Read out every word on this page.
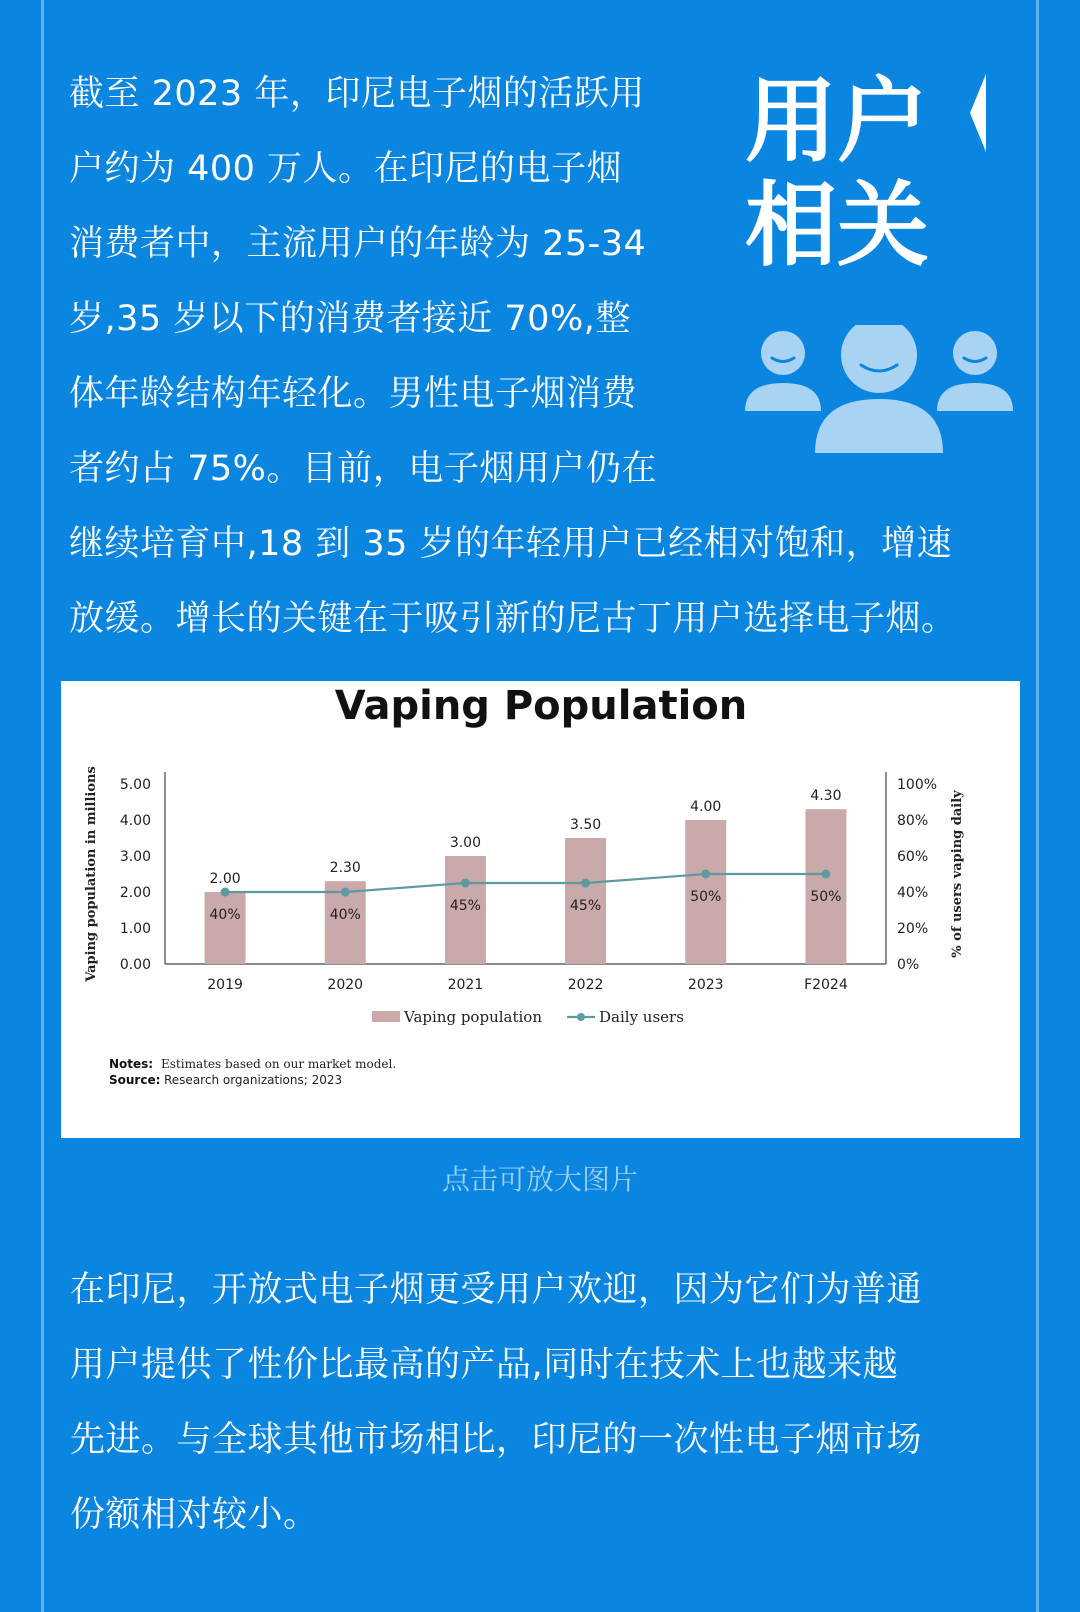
截至 2023 年，印尼电子烟的活跃用
户约为 400 万人。在印尼的电子烟
消费者中，主流用户的年龄为 25-34
岁,35 岁以下的消费者接近 70%,整
体年龄结构年轻化。男性电子烟消费
者约占 75%。目前，电子烟用户仍在
用户
相关
继续培育中,18 到 35 岁的年轻用户已经相对饱和，增速
放缓。增长的关键在于吸引新的尼古丁用户选择电子烟。
Vaping Population
0.00
1.00
2.00
3.00
4.00
5.00
0%
20%
40%
60%
80%
100%
Vaping population in millions	% of users vaping daily
2.00
2019
2.30
2020
3.00
2021
3.50
2022
4.00
2023
4.30
F2024
40%	40%
45%	45%
50%	50%
Vaping population	Daily users
Notes: Estimates based on our market model.
Source: Research organizations; 2023
点击可放大图片
在印尼，开放式电子烟更受用户欢迎，因为它们为普通
用户提供了性价比最高的产品,同时在技术上也越来越
先进。与全球其他市场相比，印尼的一次性电子烟市场
份额相对较小。
